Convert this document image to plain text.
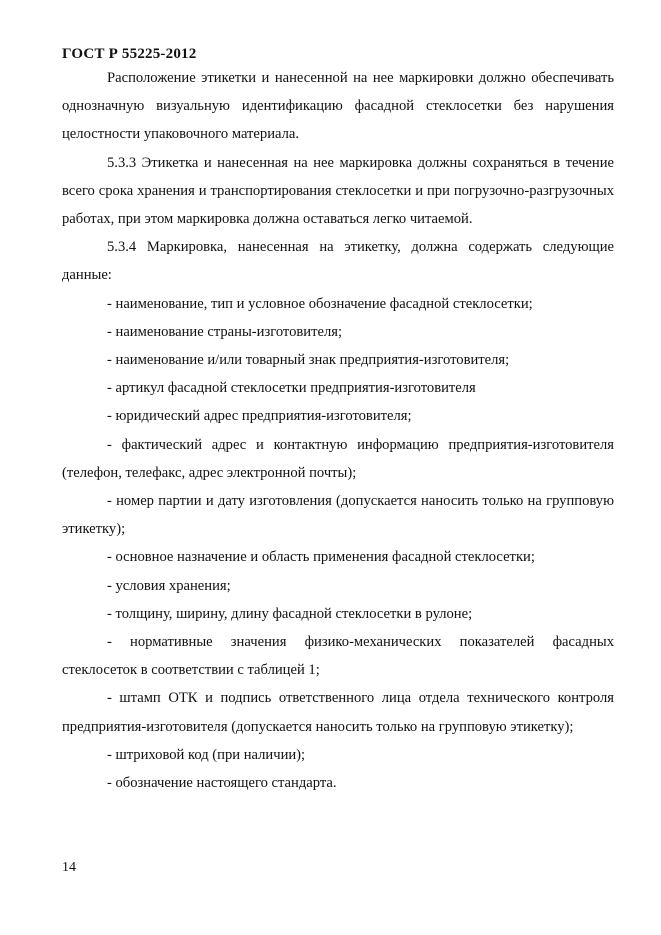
ГОСТ Р 55225-2012

Расположение этикетки и нанесенной на нее маркировки должно обеспечивать однозначную визуальную идентификацию фасадной стеклосетки без нарушения целостности упаковочного материала.

5.3.3 Этикетка и нанесенная на нее маркировка должны сохраняться в течение всего срока хранения и транспортирования стеклосетки и при погрузочно-разгрузочных работах, при этом маркировка должна оставаться легко читаемой.

5.3.4 Маркировка, нанесенная на этикетку, должна содержать следующие данные:

- наименование, тип и условное обозначение фасадной стеклосетки;

- наименование страны-изготовителя;

- наименование и/или товарный знак предприятия-изготовителя;

- артикул фасадной стеклосетки предприятия-изготовителя

- юридический адрес предприятия-изготовителя;

- фактический адрес и контактную информацию предприятия-изготовителя (телефон, телефакс, адрес электронной почты);

- номер партии и дату изготовления (допускается наносить только на групповую этикетку);

- основное назначение и область применения фасадной стеклосетки;

- условия хранения;

- толщину, ширину, длину фасадной стеклосетки в рулоне;

- нормативные значения физико-механических показателей фасадных стеклосеток в соответствии с таблицей 1;

- штамп ОТК и подпись ответственного лица отдела технического контроля предприятия-изготовителя (допускается наносить только на групповую этикетку);

- штриховой код (при наличии);

- обозначение настоящего стандарта.

14
